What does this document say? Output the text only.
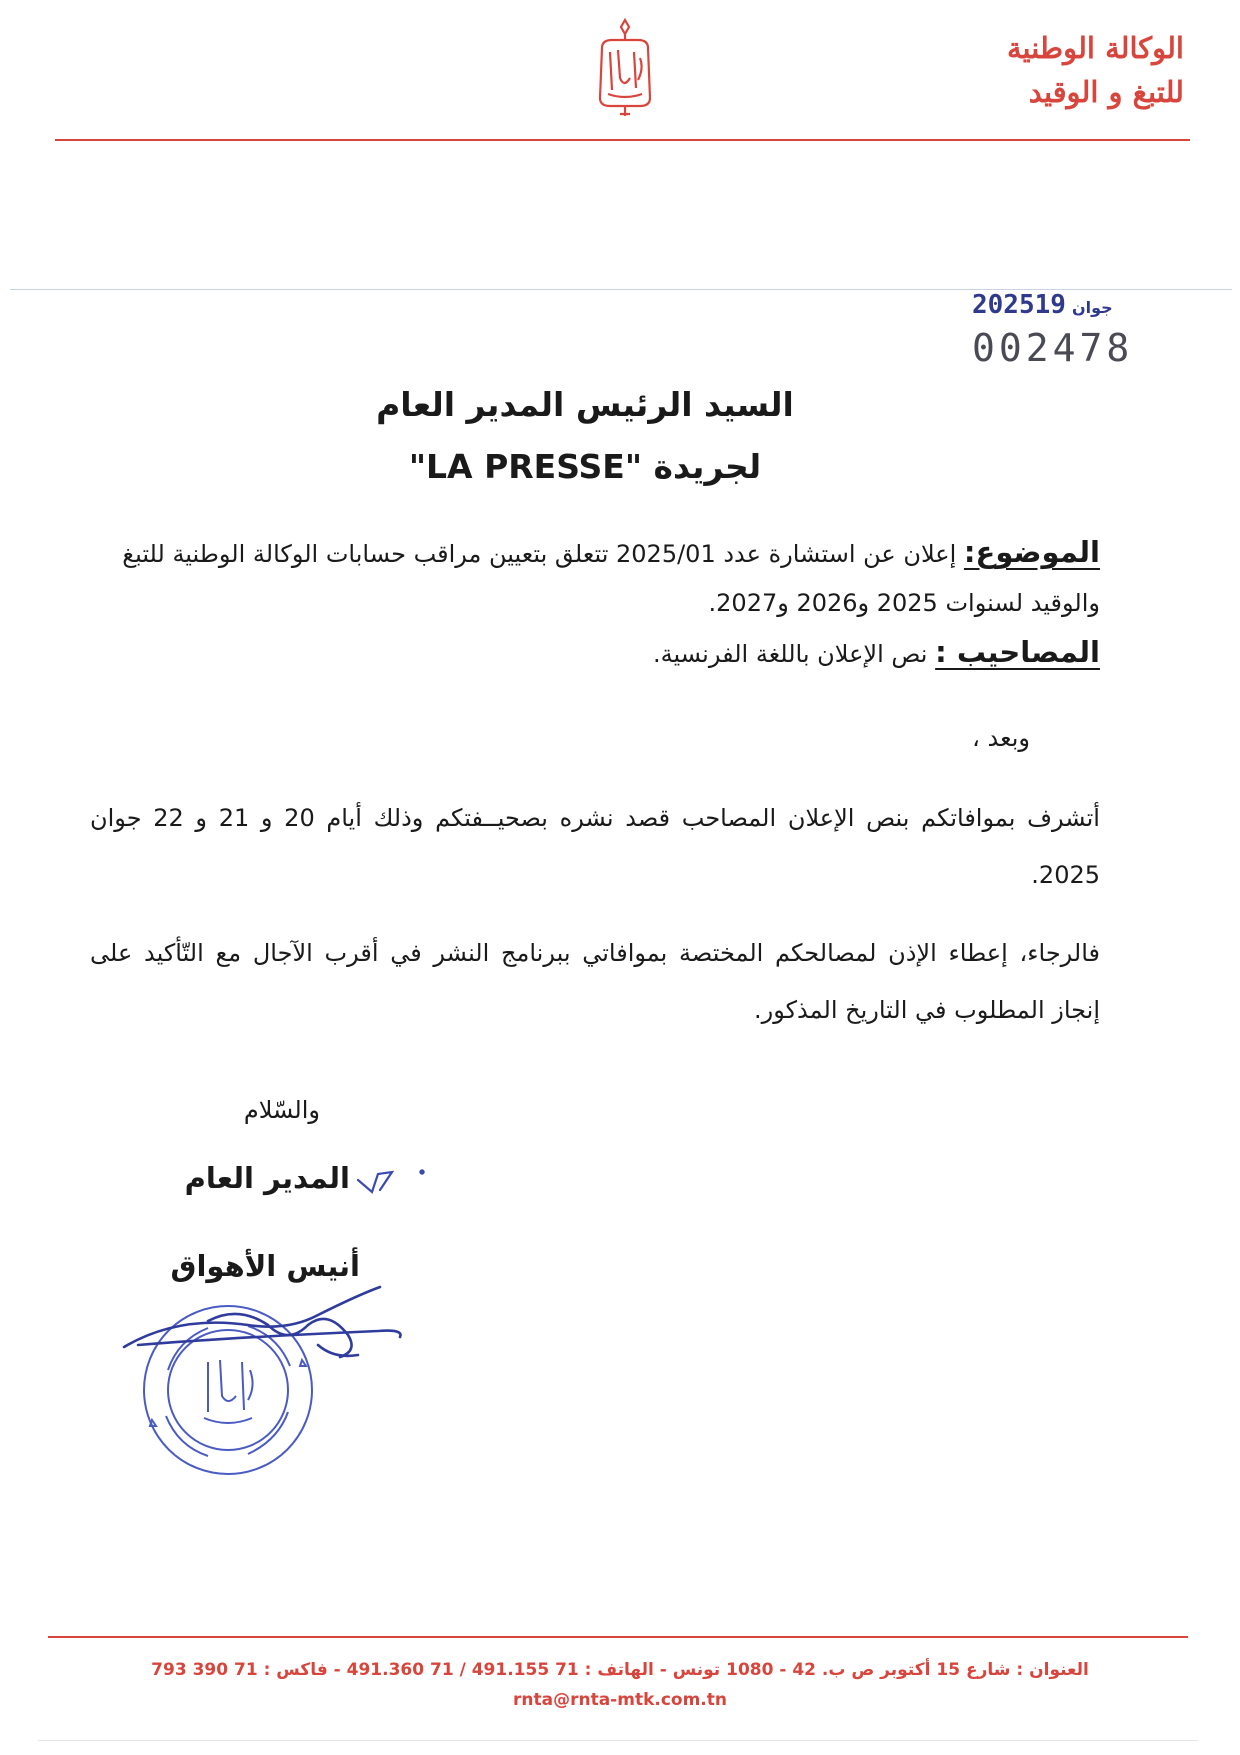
الوكالة الوطنية
للتبغ و الوقيد
2025 جوان19
002478
السيد الرئيس المدير العام
لجريدة "LA PRESSE"
الموضوع: إعلان عن استشارة عدد 2025/01 تتعلق بتعيين مراقب حسابات الوكالة الوطنية للتبغ والوقيد لسنوات 2025 و2026 و2027.
المصاحيب : نص الإعلان باللغة الفرنسية.
وبعد ،
أتشرف بموافاتكم بنص الإعلان المصاحب قصد نشره بصحيــفتكم وذلك أيام 20 و 21 و 22 جوان 2025.
فالرجاء، إعطاء الإذن لمصالحكم المختصة بموافاتي ببرنامج النشر في أقرب الآجال مع التّأكيد على إنجاز المطلوب في التاريخ المذكور.
والسّلام
المدير العام
أنيس الأهواق
العنوان : شارع 15 أكتوبر ص ب. 42 - 1080 تونس - الهاتف : 71 491.155 / 71 491.360 - فاكس : 71 390 793
rnta@rnta-mtk.com.tn
